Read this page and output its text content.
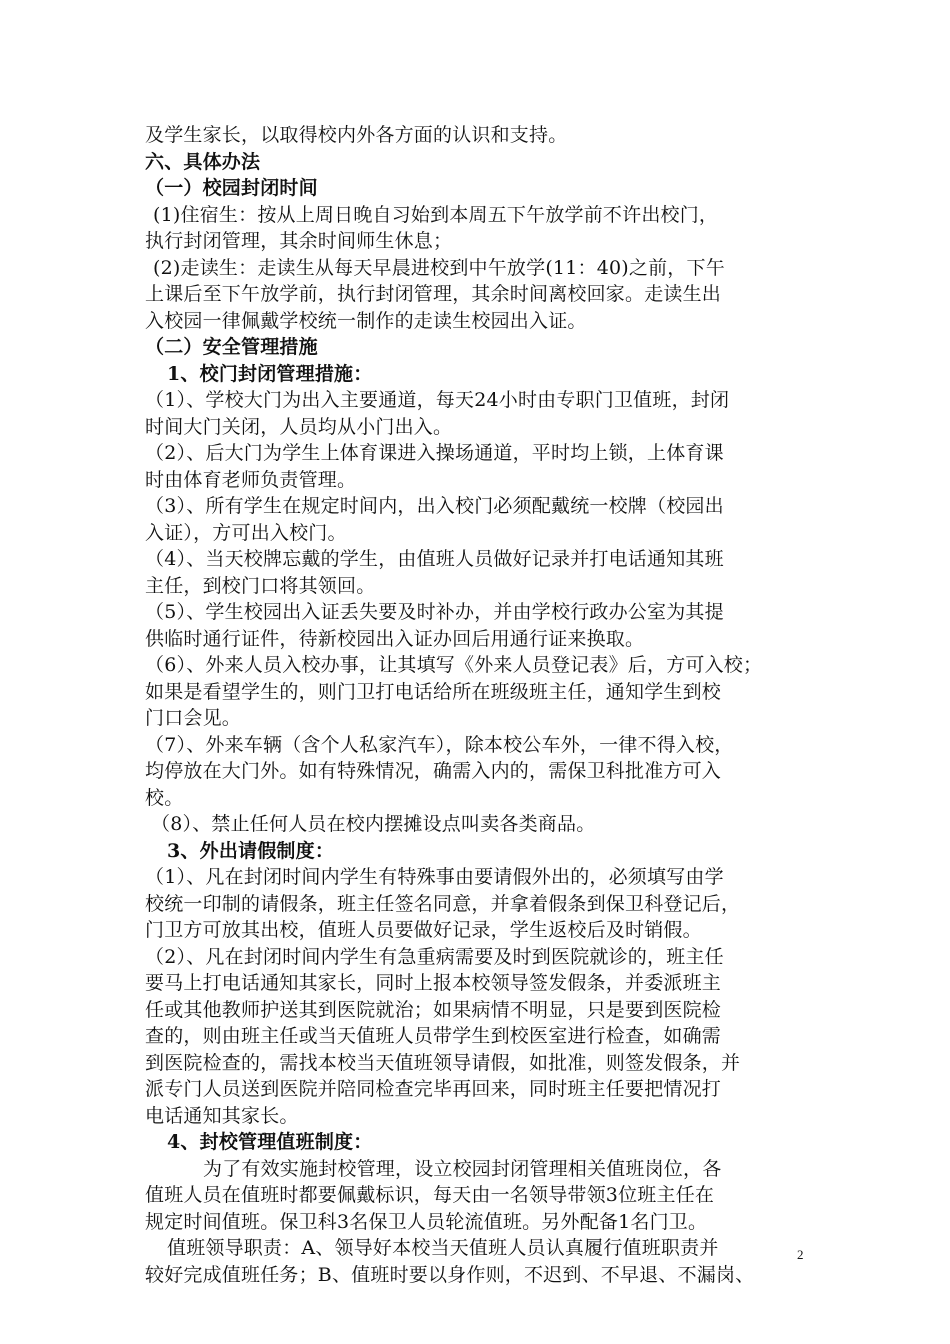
及学生家长，以取得校内外各方面的认识和支持。
六、具体办法
（一）校园封闭时间
(1)住宿生：按从上周日晚自习始到本周五下午放学前不许出校门，
执行封闭管理，其余时间师生休息；
(2)走读生：走读生从每天早晨进校到中午放学(11：40)之前，下午
上课后至下午放学前，执行封闭管理，其余时间离校回家。走读生出
入校园一律佩戴学校统一制作的走读生校园出入证。
（二）安全管理措施
1、校门封闭管理措施：
（1）、学校大门为出入主要通道，每天24小时由专职门卫值班，封闭
时间大门关闭，人员均从小门出入。
（2）、后大门为学生上体育课进入操场通道，平时均上锁，上体育课
时由体育老师负责管理。
（3）、所有学生在规定时间内，出入校门必须配戴统一校牌（校园出
入证），方可出入校门。
（4）、当天校牌忘戴的学生，由值班人员做好记录并打电话通知其班
主任，到校门口将其领回。
（5）、学生校园出入证丢失要及时补办，并由学校行政办公室为其提
供临时通行证件，待新校园出入证办回后用通行证来换取。
（6）、外来人员入校办事，让其填写《外来人员登记表》后，方可入校；
如果是看望学生的，则门卫打电话给所在班级班主任，通知学生到校
门口会见。
（7）、外来车辆（含个人私家汽车），除本校公车外，一律不得入校，
均停放在大门外。如有特殊情况，确需入内的，需保卫科批准方可入
校。
（8）、禁止任何人员在校内摆摊设点叫卖各类商品。
3、外出请假制度：
（1）、凡在封闭时间内学生有特殊事由要请假外出的，必须填写由学
校统一印制的请假条，班主任签名同意，并拿着假条到保卫科登记后，
门卫方可放其出校，值班人员要做好记录，学生返校后及时销假。
（2）、凡在封闭时间内学生有急重病需要及时到医院就诊的，班主任
要马上打电话通知其家长，同时上报本校领导签发假条，并委派班主
任或其他教师护送其到医院就治；如果病情不明显，只是要到医院检
查的，则由班主任或当天值班人员带学生到校医室进行检查，如确需
到医院检查的，需找本校当天值班领导请假，如批准，则签发假条，并
派专门人员送到医院并陪同检查完毕再回来，同时班主任要把情况打
电话通知其家长。
4、封校管理值班制度：
为了有效实施封校管理，设立校园封闭管理相关值班岗位，各
值班人员在值班时都要佩戴标识，每天由一名领导带领3位班主任在
规定时间值班。保卫科3名保卫人员轮流值班。另外配备1名门卫。
值班领导职责：A、领导好本校当天值班人员认真履行值班职责并
较好完成值班任务；B、值班时要以身作则，不迟到、不早退、不漏岗、
2
